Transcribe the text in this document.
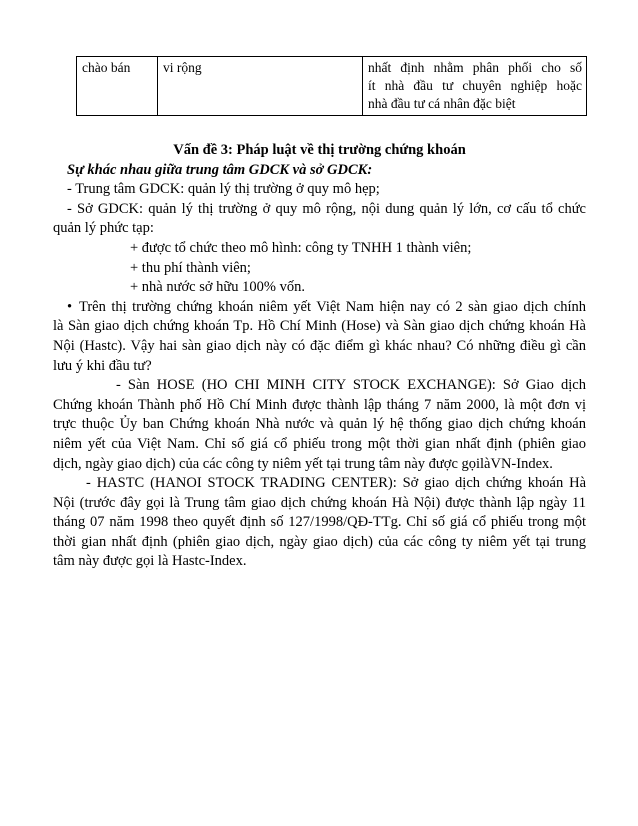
chào bán	vi rộng	nhất định nhằm phân phối cho số
ít nhà đầu tư chuyên nghiệp hoặc
nhà đầu tư cá nhân đặc biệt
Vấn đề 3: Pháp luật về thị trường chứng khoán
Sự khác nhau giữa trung tâm GDCK và sở GDCK:
- Trung tâm GDCK: quản lý thị trường ở quy mô hẹp;
- Sở GDCK: quản lý thị trường ở quy mô rộng, nội dung quản lý lớn, cơ cấu tổ chức
quản lý phức tạp:
+ được tổ chức theo mô hình: công ty TNHH 1 thành viên;
+ thu phí thành viên;
+ nhà nước sở hữu 100% vốn.
• Trên thị trường chứng khoán niêm yết Việt Nam hiện nay có 2 sàn giao dịch chính
là Sàn giao dịch chứng khoán Tp. Hồ Chí Minh (Hose) và Sàn giao dịch chứng khoán Hà
Nội (Hastc). Vậy hai sàn giao dịch này có đặc điểm gì khác nhau? Có những điều gì cần
lưu ý khi đầu tư?
- Sàn HOSE (HO CHI MINH CITY STOCK EXCHANGE): Sở Giao dịch
Chứng khoán Thành phố Hồ Chí Minh được thành lập tháng 7 năm 2000, là một đơn vị
trực thuộc Ủy ban Chứng khoán Nhà nước và quản lý hệ thống giao dịch chứng khoán
niêm yết của Việt Nam. Chỉ số giá cổ phiếu trong một thời gian nhất định (phiên giao
dịch, ngày giao dịch) của các công ty niêm yết tại trung tâm này được gọilàVN-Index.
- HASTC (HANOI STOCK TRADING CENTER): Sở giao dịch chứng khoán Hà
Nội (trước đây gọi là Trung tâm giao dịch chứng khoán Hà Nội) được thành lập ngày 11
tháng 07 năm 1998 theo quyết định số 127/1998/QĐ-TTg. Chỉ số giá cổ phiếu trong một
thời gian nhất định (phiên giao dịch, ngày giao dịch) của các công ty niêm yết tại trung
tâm này được gọi là Hastc-Index.
